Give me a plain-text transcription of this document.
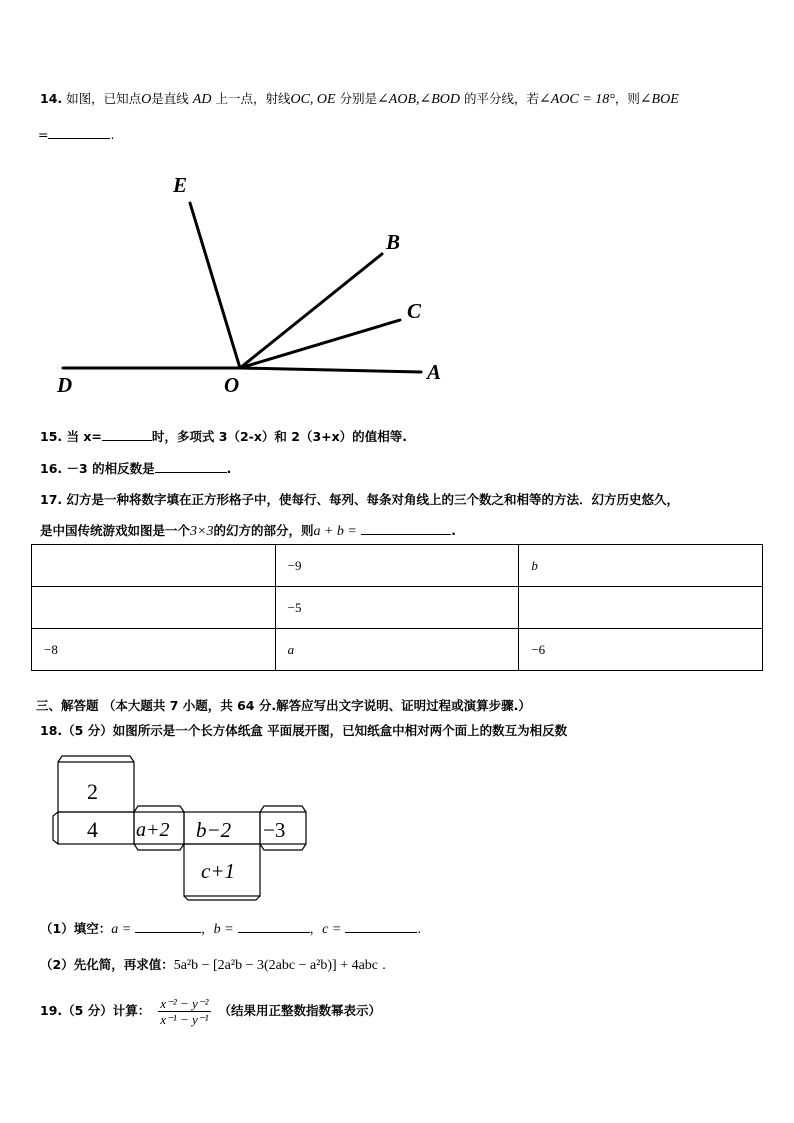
14. 如图，已知点O是直线 AD 上一点，射线OC, OE 分别是∠AOB,∠BOD 的平分线，若∠AOC = 18°，则∠BOE
=	.
E
B
C
A
D	O
15. 当 x=	时，多项式 3（2-x）和 2（3+x）的值相等.
16. －3 的相反数是	.
17. 幻方是一种将数字填在正方形格子中，使每行、每列、每条对角线上的三个数之和相等的方法．幻方历史悠久，
是中国传统游戏如图是一个3×3的幻方的部分，则a + b =	.
	−9	b
	−5	
−8	a	−6
三、解答题 （本大题共 7 小题，共 64 分.解答应写出文字说明、证明过程或演算步骤.）
18.（5 分）如图所示是一个长方体纸盒 平面展开图，已知纸盒中相对两个面上的数互为相反数
2
4 a+2 b−2 −3
c+1
（1）填空：a =	，b =	，c =	.
（2）先化简，再求值：5a²b − [2a²b − 3(2abc − a²b)] + 4abc .
19.（5 分）计算： $\frac{\text{x⁻² − y⁻²}}{\text{x⁻¹ − y⁻¹}}$ （结果用正整数指数幂表示）
